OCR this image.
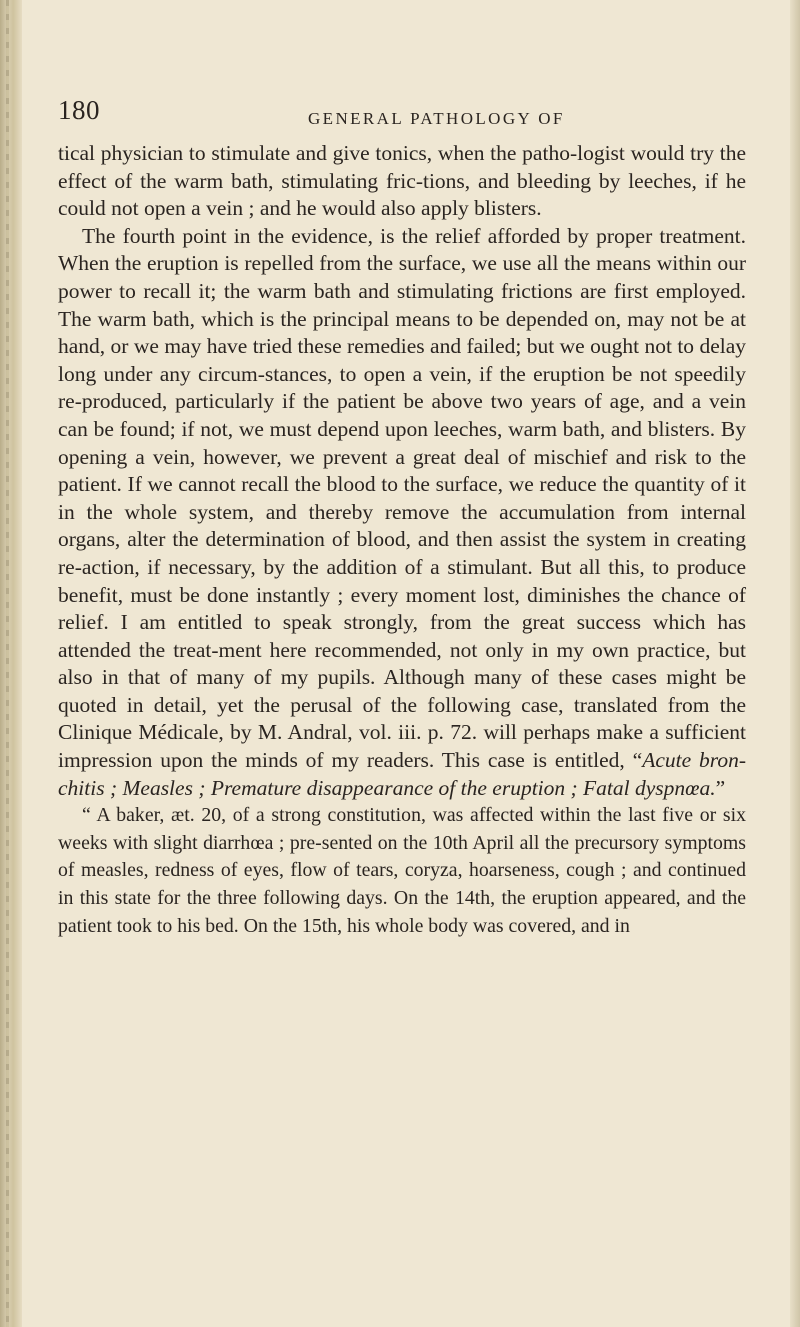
180	GENERAL PATHOLOGY OF

tical physician to stimulate and give tonics, when the patho-logist would try the effect of the warm bath, stimulating fric-tions, and bleeding by leeches, if he could not open a vein ; and he would also apply blisters.

The fourth point in the evidence, is the relief afforded by proper treatment. When the eruption is repelled from the surface, we use all the means within our power to recall it; the warm bath and stimulating frictions are first employed. The warm bath, which is the principal means to be depended on, may not be at hand, or we may have tried these remedies and failed; but we ought not to delay long under any circum-stances, to open a vein, if the eruption be not speedily re-produced, particularly if the patient be above two years of age, and a vein can be found; if not, we must depend upon leeches, warm bath, and blisters. By opening a vein, however, we prevent a great deal of mischief and risk to the patient. If we cannot recall the blood to the surface, we reduce the quantity of it in the whole system, and thereby remove the accumulation from internal organs, alter the determination of blood, and then assist the system in creating re-action, if necessary, by the addition of a stimulant. But all this, to produce benefit, must be done instantly ; every moment lost, diminishes the chance of relief. I am entitled to speak strongly, from the great success which has attended the treat-ment here recommended, not only in my own practice, but also in that of many of my pupils. Although many of these cases might be quoted in detail, yet the perusal of the following case, translated from the Clinique Médicale, by M. Andral, vol. iii. p. 72. will perhaps make a sufficient impression upon the minds of my readers. This case is entitled, “Acute bron-chitis ; Measles ; Premature disappearance of the eruption ; Fatal dyspnœa.”

“ A baker, æt. 20, of a strong constitution, was affected within the last five or six weeks with slight diarrhœa ; pre-sented on the 10th April all the precursory symptoms of measles, redness of eyes, flow of tears, coryza, hoarseness, cough ; and continued in this state for the three following days. On the 14th, the eruption appeared, and the patient took to his bed. On the 15th, his whole body was covered, and in
